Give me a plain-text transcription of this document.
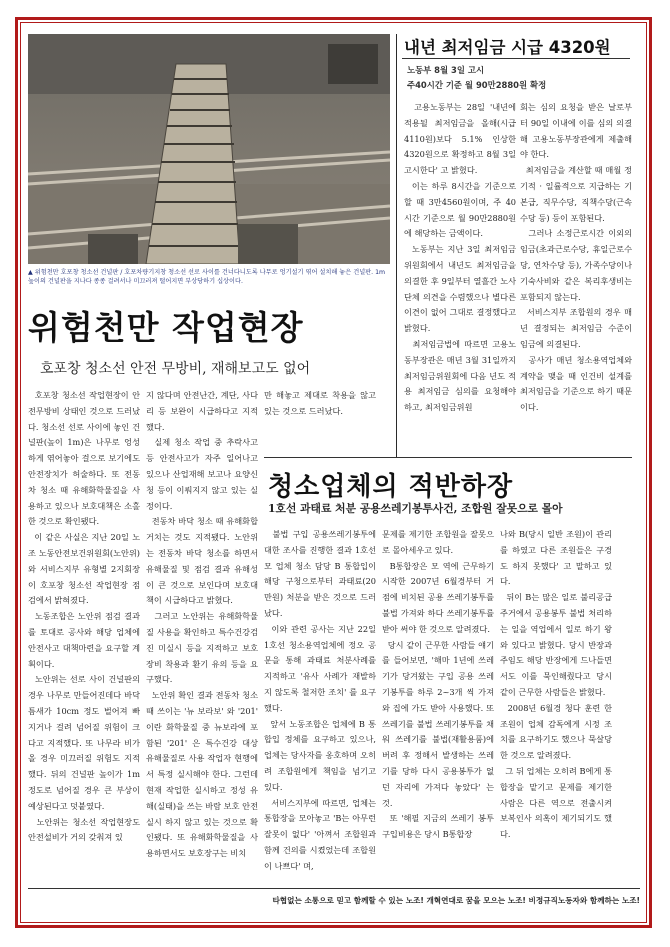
▲ 위험천만 호포창 청소선 건널판 / 호포차량기지창 청소선 선로 사이를 건너다니도록 나무로 엉기설기 엮어 설치해 놓은 건널판. 1m 높이의 건널판을 지나다 종종 걸려서나 미끄러져 떨어지면 부상당하기 십상이다.
내년 최저임금 시급 4320원
노동부 8월 3일 고시
주40시간 기준 월 90만2880원 확정
고용노동부는 28일 '내년에 적용될 최저임금을 올해(시급 4110원)보다 5.1% 인상한 4320원으로 확정하고 8월 3일 고시한다' 고 밝혔다.
이는 하루 8시간을 기준으로 할 때 3만4560원이며, 주 40시간 기준으로 월 90만2880원에 해당하는 금액이다.
노동부는 지난 3일 최저임금위원회에서 내년도 최저임금을 의결한 후 9일부터 열흘간 노사단체 의견을 수렴했으나 별다른 이견이 없어 그대로 결정했다고 밝혔다.
최저임금법에 따르면 고용노동부장관은 매년 3월 31일까지 최저임금위원회에 다음 년도 적용 최저임금 심의를 요청해야 하고, 최저임금위원
회는 심의 요청을 받은 날로부터 90일 이내에 이를 심의 의결해 고용노동부장관에게 제출해야 한다.
최저임금을 계산할 때 매월 정기적 · 일률적으로 지급하는 기본급, 직무수당, 직책수당(근속수당 등) 등이 포함된다.
그러나 소정근로시간 이외의 임금(초과근로수당, 휴일근로수당, 연차수당 등), 가족수당이나 기숙사비와 같은 복리후생비는 포함되지 않는다.
서비스지부 조합원의 경우 매년 결정되는 최저임금 수준이 임금에 의결된다.
공사가 매년 청소용역업체와 계약을 맺을 때 인건비 설계를 최저임금을 기준으로 하기 때문이다.
위험천만 작업현장
호포창 청소선 안전 무방비, 재해보고도 없어
호포창 청소선 작업현장이 안전무방비 상태인 것으로 드러났다. 청소선 선로 사이에 놓인 건널판(높이 1m)은 나무로 엉성하게 엮어놓아 걸으로 보기에도 안전장치가 허술하다. 또 전동차 청소 때 유해화학물질을 사용하고 있으나 보호대책은 소홀한 것으로 확인됐다.
이 같은 사실은 지난 20일 노조 노동안전보건위원회(노안위)와 서비스지부 유형별 2지회장이 호포창 청소선 작업현장 점검에서 밝혀졌다.
노동조합은 노안위 점검 결과를 토대로 공사와 해당 업체에 안전사고 대책마련을 요구할 계획이다.
노안위는 선로 사이 건널판의 경우 나무로 만들어진데다 바닥 틈새가 10cm 정도 벌어져 빠지거나 걸려 넘어질 위험이 크다고 지적했다. 또 나무라 비가 올 경우 미끄러질 위험도 지적했다. 뒤의 건널판 높이가 1m 정도로 넘어질 경우 큰 부상이 예상된다고 덧붙였다.
노안위는 청소선 작업현장도 안전설비가 거의 갖춰져 있
지 않다며 안전난간, 계단, 사다리 등 보완이 시급하다고 지적했다.
실제 청소 작업 중 추락사고 등 안전사고가 자주 일어나고 있으나 산업재해 보고나 요양신청 등이 이뤄지지 않고 있는 실정이다.
전동차 바닥 청소 때 유해화합 거치는 것도 지적됐다. 노안위는 전동차 바닥 청소를 하면서 유해물질 및 점검 결과 유해성이 큰 것으로 보인다며 보호대책이 시급하다고 밝혔다.
그러고 노안위는 유해화학물질 사용을 확인하고 특수건강검진 미실시 등을 지적하고 보호장비 착용과 환기 유의 등을 요구했다.
노안위 확인 결과 전동차 청소 때 쓰이는 '뉴 보라보' 와 '201' 이란 화학물질 중 뉴보라에 포함된 '201' 은 특수건강 대상 유해물질로 사용 작업자 현행에서 특정 실시해야 한다. 그런데 현재 작업한 실시하고 정성 유해(실태)을 쓰는 바람 보호 안전 실시 하지 않고 있는 것으로 확인됐다. 또 유해화학물질을 사용하면서도 보호장구는 비치
만 해놓고 제대로 착용을 않고 있는 것으로 드러났다.
청소업체의 적반하장
1호선 과태료 처분 공용쓰레기봉투사건, 조합원 잘못으로 몰아
불법 구입 공용쓰레기봉투에 대한 조사를 진행한 결과 1호선 모 업체 청소 담당 B 통합입이 해당 구청으로부터 과태료(20만원) 처분을 받은 것으로 드러났다.
이와 관련 공사는 지난 22일 1호선 청소용역업체에 정오 공문을 통해 과태료 처분사례를 지적하고 '유사 사례가 재발하지 않도록 철저한 조치' 를 요구했다.
앞서 노동조합은 업체에 B 통합입 정체를 요구하고 있으나, 업체는 당사자를 옹호하며 오히려 조합원에게 책임을 넘기고 있다.
서비스지부에 따르면, 업체는 통합장을 모아놓고 'B는 아무런 잘못이 없다' '아껴서 조합원과 함께 건의를 시켰었는데 조합원이 나쁘다' 며,
문제를 제기한 조합원을 잘못으로 몰아세우고 있다.
B통합장은 모 역에 근무하기 시작한 2007년 6월경부터 거점에 비치된 공용 쓰레기봉투를 불법 가져와 하다 쓰레기봉투를 받아 써야 한 것으로 알려졌다.
당시 같이 근무한 사람들 얘기를 들어보면, '해마 1년에 쓰레기가 당겨왔는 구입 공용 쓰레기봉투를 하루 2~3개 씩 가져와 집에 가도 받아 사용했다. 또 쓰레기를 불법 쓰레기봉투를 채워 쓰레기를 불법(재활용품)에 버려 후 정해서 발생하는 쓰레기를 당하 다시 공용봉투가 없던 자리에 가져다 놓았다' 는 것.
또 '해필 지금의 쓰레기 봉투 구입비용은 당시 B통합장
나와 B(당시 일반 조원)이 관리를 하였고 다른 조원들은 구경도 하지 못했다' 고 말하고 있다.
뒤이 B는 많은 일로 불리공급 주거에서 공용봉투 불법 처리하는 일을 역업에서 일로 하기 왕 와 있다고 밝혔다. 당시 반장과 주임도 해당 반장에게 드나들면서도 이를 묵인해줬다고 당시 같이 근무한 사람들은 밝혔다.
2008년 6월경 청다 훈련 한 조원이 업체 감독에게 시정 조치를 요구하기도 했으나 묵살당한 것으로 알려졌다.
그 뒤 업체는 오히려 B에게 통합장을 맡기고 문제를 제기한 사람은 다른 역으로 전출시켜 보복인사 의혹이 제기되기도 했다.
타협없는 소통으로 믿고 함께할 수 있는 노조! 개혁연대로 꿈을 모으는 노조! 비정규직노동자와 함께하는 노조!
